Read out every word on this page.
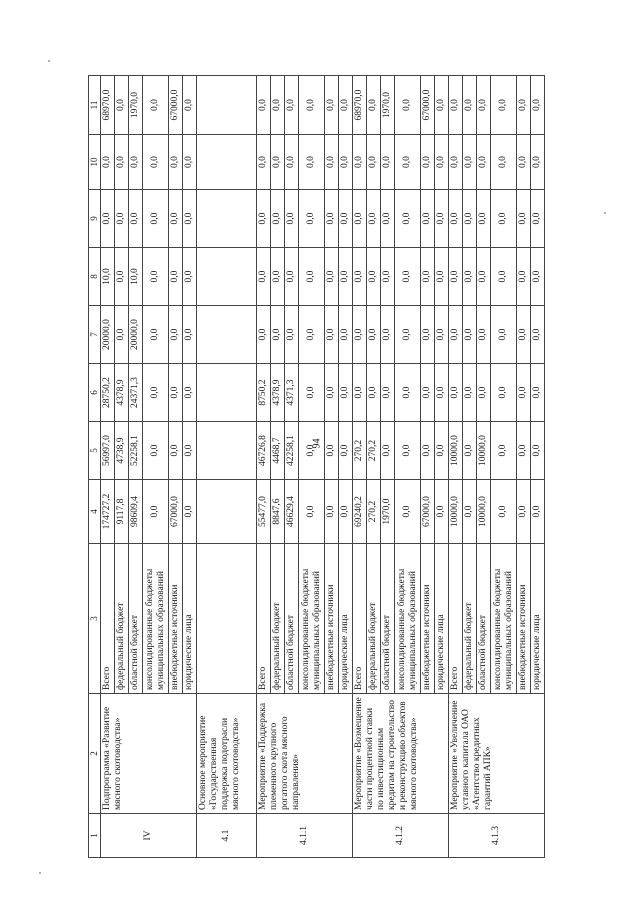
94
1	2	3	4	5	6	7	8	9	10	11
IV	Подпрограмма «Развитие мясного скотоводства»	Всего	174727,2	56997,0	28750,2	20000,0	10,0	0,0	0,0	68970,0
		федеральный бюджет	9117,8	4738,9	4378,9	0,0	0,0	0,0	0,0	0,0
		областной бюджет	98609,4	52258,1	24371,3	20000,0	10,0	0,0	0,0	1970,0
		консолидированные бюджеты муниципальных образований	0,0	0,0	0,0	0,0	0,0	0,0	0,0	0,0
		внебюджетные источники	67000,0	0,0	0,0	0,0	0,0	0,0	0,0	67000,0
		юридические лица	0,0	0,0	0,0	0,0	0,0	0,0	0,0	0,0
4.1	Основное мероприятие «Государственная поддержка подотрасли мясного скотоводства»									
4.1.1	Мероприятие «Поддержка племенного крупного рогатого скота мясного направления»	Всего	55477,0	46726,8	8750,2	0,0	0,0	0,0	0,0	0,0
		федеральный бюджет	8847,6	4468,7	4378,9	0,0	0,0	0,0	0,0	0,0
		областной бюджет	46629,4	42258,1	4371,3	0,0	0,0	0,0	0,0	0,0
		консолидированные бюджеты муниципальных образований	0,0	0,0	0,0	0,0	0,0	0,0	0,0	0,0
		внебюджетные источники	0,0	0,0	0,0	0,0	0,0	0,0	0,0	0,0
		юридические лица	0,0	0,0	0,0	0,0	0,0	0,0	0,0	0,0
4.1.2	Мероприятие «Возмещение части процентной ставки по инвестиционным кредитам на строительство и реконструкцию объектов мясного скотоводства»	Всего	69240,2	270,2	0,0	0,0	0,0	0,0	0,0	68970,0
		федеральный бюджет	270,2	270,2	0,0	0,0	0,0	0,0	0,0	0,0
		областной бюджет	1970,0	0,0	0,0	0,0	0,0	0,0	0,0	1970,0
		консолидированные бюджеты муниципальных образований	0,0	0,0	0,0	0,0	0,0	0,0	0,0	0,0
		внебюджетные источники	67000,0	0,0	0,0	0,0	0,0	0,0	0,0	67000,0
		юридические лица	0,0	0,0	0,0	0,0	0,0	0,0	0,0	0,0
4.1.3	Мероприятие «Увеличение уставного капитала ОАО «Агентство кредитных гарантий АПК»	Всего	10000,0	10000,0	0,0	0,0	0,0	0,0	0,0	0,0
		федеральный бюджет	0,0	0,0	0,0	0,0	0,0	0,0	0,0	0,0
		областной бюджет	10000,0	10000,0	0,0	0,0	0,0	0,0	0,0	0,0
		консолидированные бюджеты муниципальных образований	0,0	0,0	0,0	0,0	0,0	0,0	0,0	0,0
		внебюджетные источники	0,0	0,0	0,0	0,0	0,0	0,0	0,0	0,0
		юридические лица	0,0	0,0	0,0	0,0	0,0	0,0	0,0	0,0
